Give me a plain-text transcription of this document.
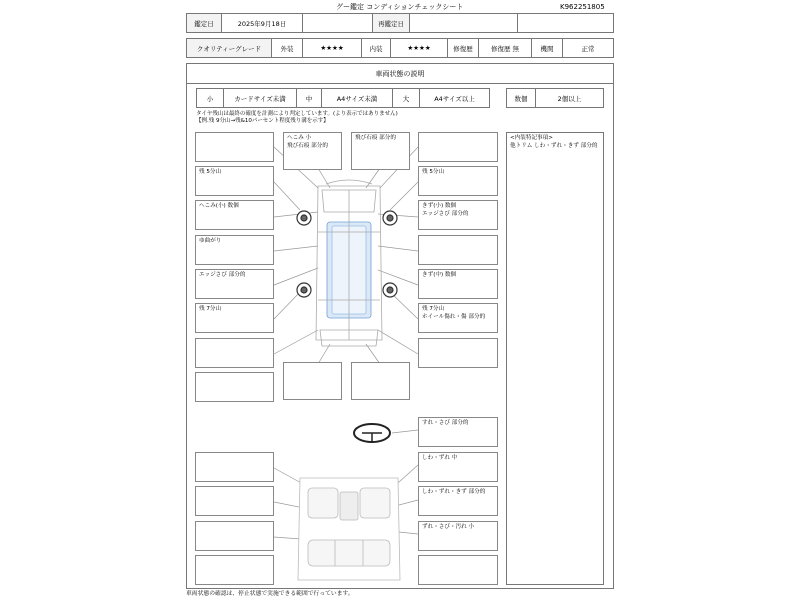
グー鑑定 コンディションチェックシート	K962251805
鑑定日	2025年9月18日	再鑑定日
クオリティーグレード	外装	★★★★	内装	★★★★	修復歴	修復歴 無	機関	正常
車両状態の説明
小	カードサイズ未満	中	A4サイズ未満	大	A4サイズ以上	数個	2個以上
タイヤ残山は最終の確度を計測により判定しています。(より表示ではありません)
【例.残 9分山→残&10パーセント程度残り溝を示す】
残 5分山
へこみ(小) 数個
ゆ曲がり
エッジさび 部分的
残 7分山
へこみ 小
飛び石痕 部分的
飛び石痕 部分的
残 5分山
きず(小) 数個
エッジさび 部分的
きず(中) 数個
残 7分山
ホイール傷れ・傷 部分的
すれ・さび 部分的
しわ・ずれ 中
しわ・ずれ・きず 部分的
ずれ・さび・汚れ 小
<内装特記事項>
他トリム しわ・ずれ・きず 部分的
車両状態の確認は、停止状態で実施できる範囲で行っています。
